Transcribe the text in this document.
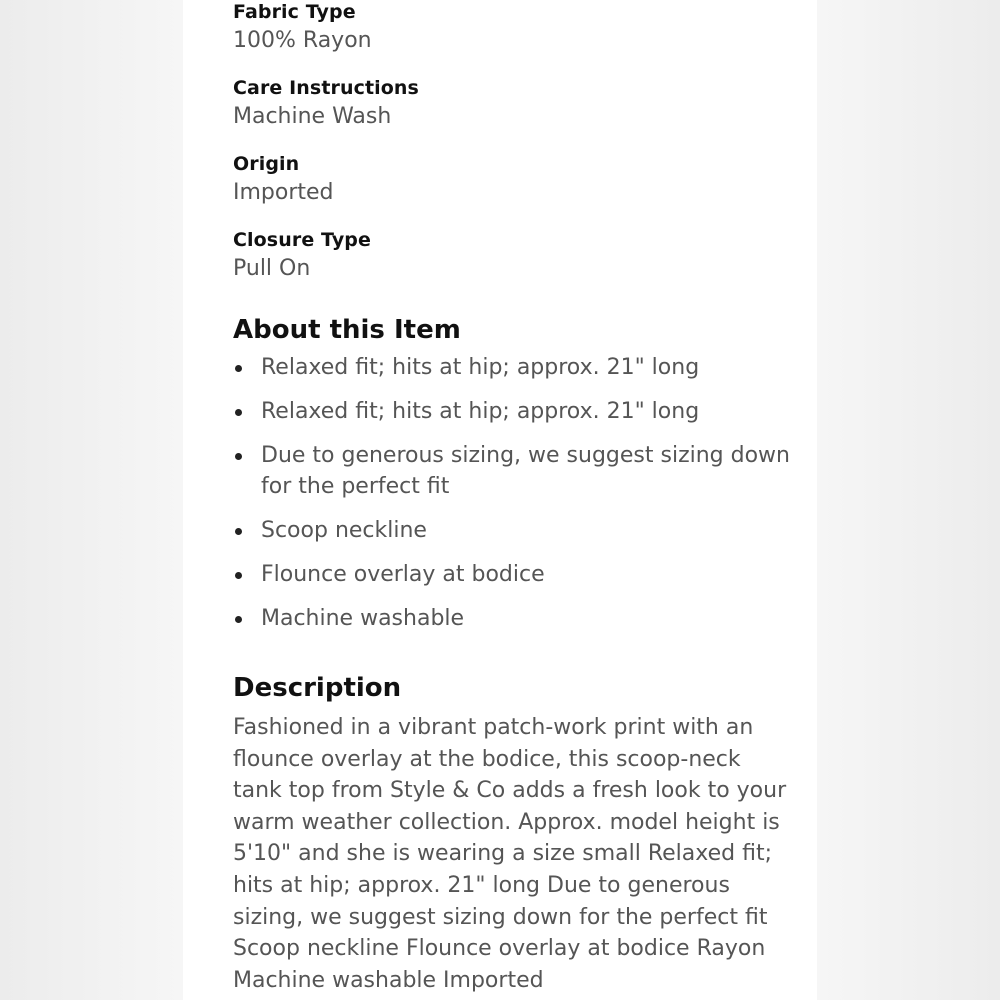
Fabric Type
100% Rayon
Care Instructions
Machine Wash
Origin
Imported
Closure Type
Pull On
About this Item
Relaxed fit; hits at hip; approx. 21" long
Relaxed fit; hits at hip; approx. 21" long
Due to generous sizing, we suggest sizing down for the perfect fit
Scoop neckline
Flounce overlay at bodice
Machine washable
Description

Fashioned in a vibrant patch-work print with an flounce overlay at the bodice, this scoop-neck tank top from Style & Co adds a fresh look to your warm weather collection. Approx. model height is 5'10" and she is wearing a size small Relaxed fit; hits at hip; approx. 21" long Due to generous sizing, we suggest sizing down for the perfect fit Scoop neckline Flounce overlay at bodice Rayon Machine washable Imported
